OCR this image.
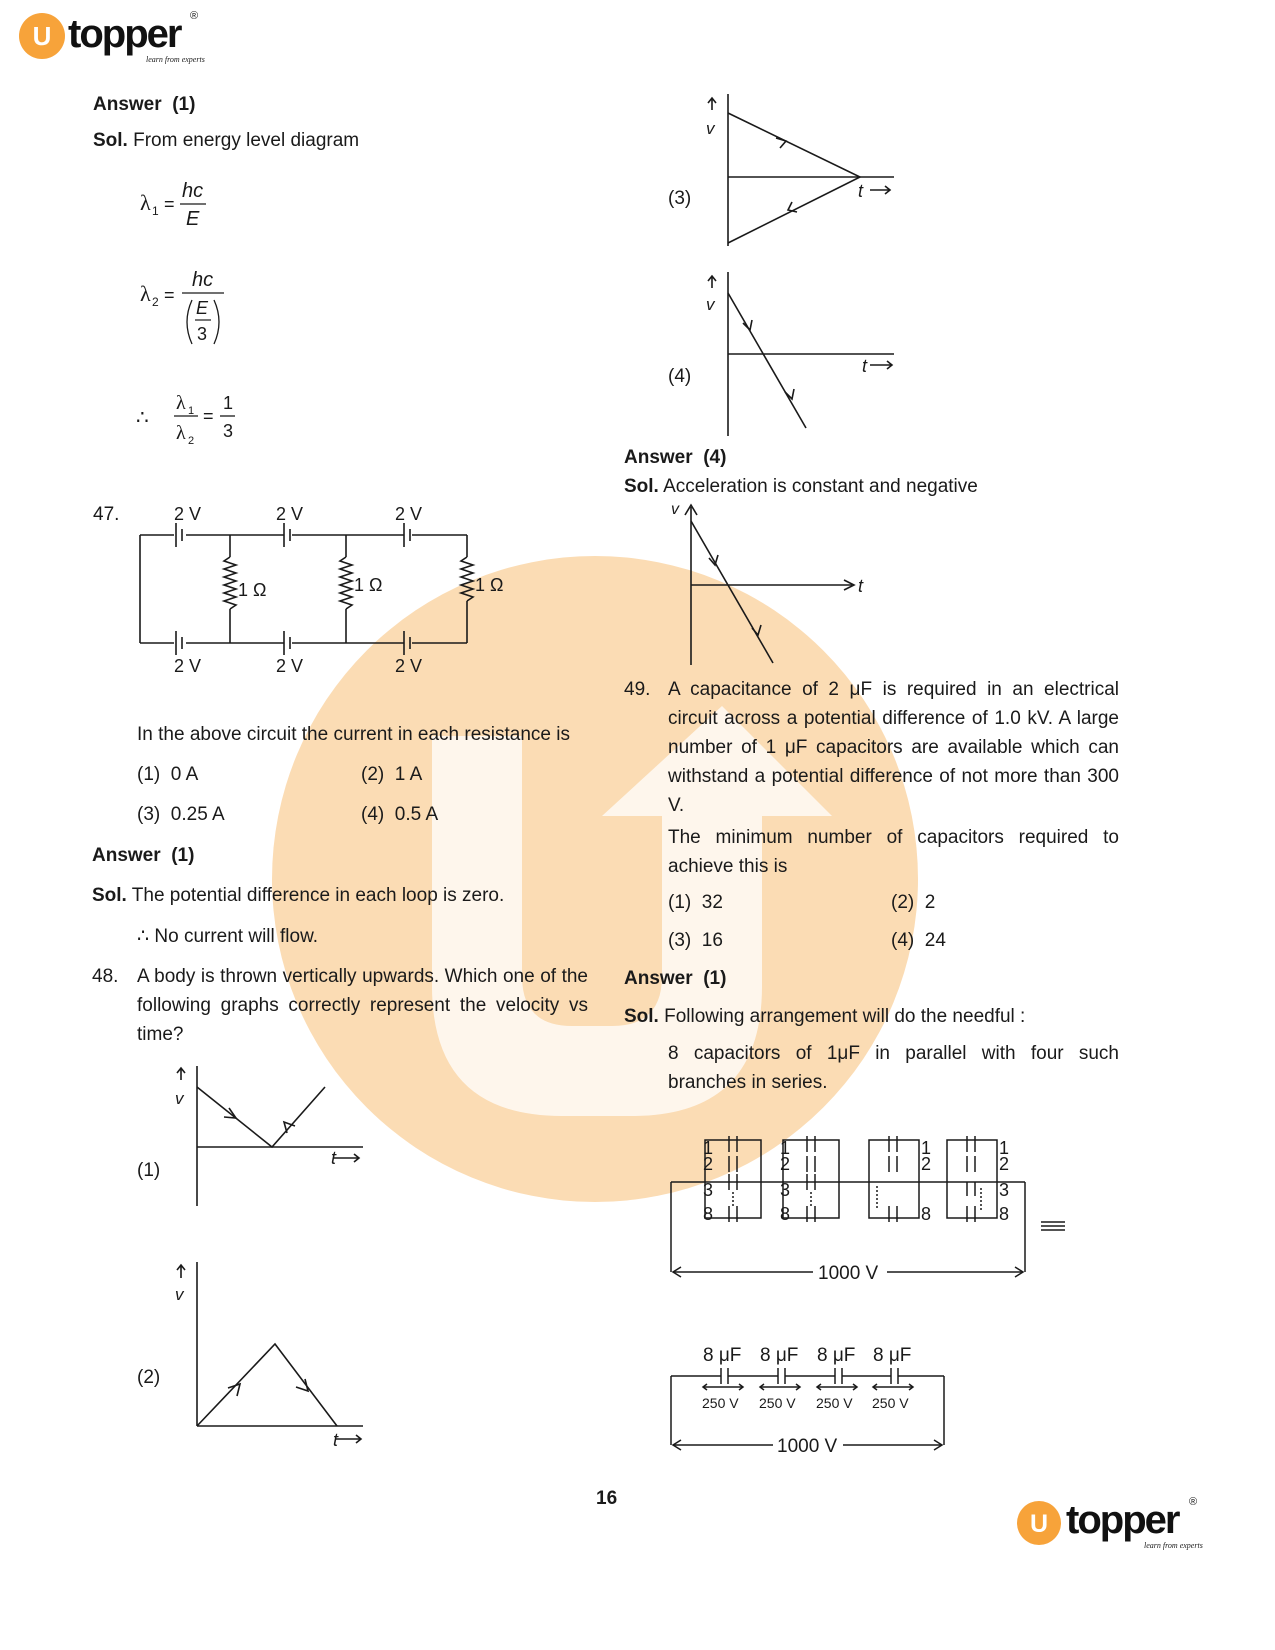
U topper ®
learn from experts
Answer (1)
Sol. From energy level diagram
λ 1 =
hc
E
λ 2 =
hc
E
3
∴
λ 1
λ 2
=
1
3
47.	2 V	2 V	2 V
2 V	2 V	2 V
1 Ω	1 Ω	1 Ω
In the above circuit the current in each resistance is
(1) 0 A	(2) 1 A
(3) 0.25 A	(4) 0.5 A
Answer (1)
Sol. The potential difference in each loop is zero.
∴ No current will flow.
48. A body is thrown vertically upwards. Which one of the following graphs correctly represent the velocity vs time?
(1)
v
t
(2)
v
t
(3)
v
t
(4)
v
t
Answer (4)
Sol. Acceleration is constant and negative
v
t
49. A capacitance of 2 μF is required in an electrical circuit across a potential difference of 1.0 kV. A large number of 1 μF capacitors are available which can withstand a potential difference of not more than 300 V.
The minimum number of capacitors required to achieve this is
(1) 32	(2) 2
(3) 16	(4) 24
Answer (1)
Sol. Following arrangement will do the needful :
8 capacitors of 1μF in parallel with four such branches in series.
1
2
3
8
1
2
3
8
1
2
8
1
2
3
8
1000 V
8 μF 8 μF 8 μF 8 μF
250 V 250 V 250 V 250 V
1000 V
16
U topper ®
learn from experts
